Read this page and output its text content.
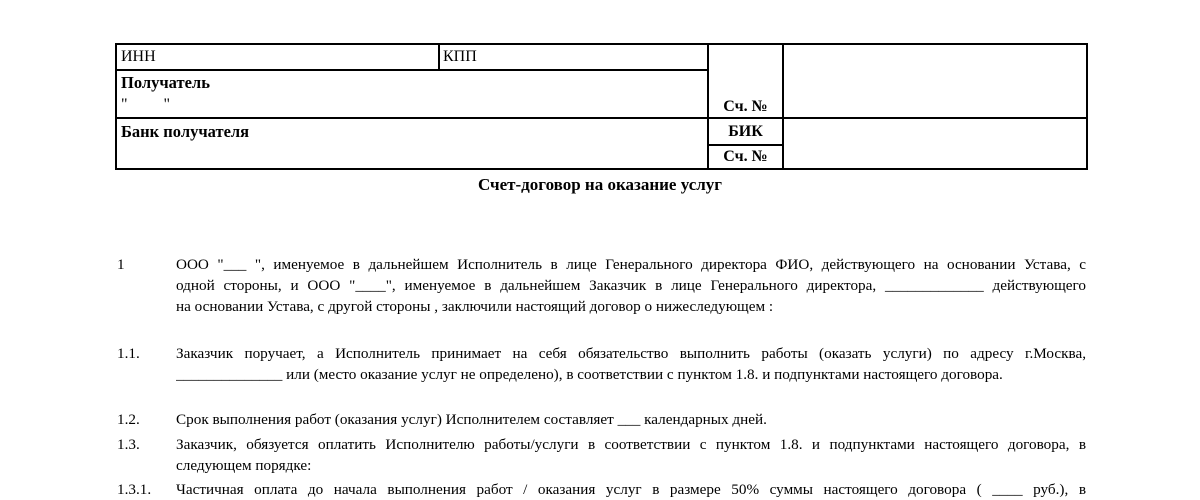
ИНН	КПП
Получатель
"         "	Сч. №
Банк получателя	БИК
Сч. №
Счет-договор на оказание услуг
1	ООО "___ ", именуемое в дальнейшем Исполнитель в лице Генерального директора ФИО, действующего на основании Устава, с
одной стороны, и ООО "____", именуемое в дальнейшем Заказчик в лице Генерального директора, _____________ действующего
на основании Устава, с другой стороны , заключили настоящий договор о нижеследующем :
1.1. Заказчик поручает, а Исполнитель принимает на себя обязательство выполнить работы (оказать услуги) по адресу г.Москва,
______________ или (место оказание услуг не определено), в соответствии с пунктом 1.8. и подпунктами настоящего договора.
1.2. Срок выполнения работ (оказания услуг) Исполнителем составляет ___ календарных дней.
1.3. Заказчик, обязуется оплатить Исполнителю работы/услуги в соответствии с пунктом 1.8. и подпунктами настоящего договора, в
следующем порядке:
1.3.1. Частичная оплата до начала выполнения работ / оказания услуг в размере 50% суммы настоящего договора ( ____ руб.), в
